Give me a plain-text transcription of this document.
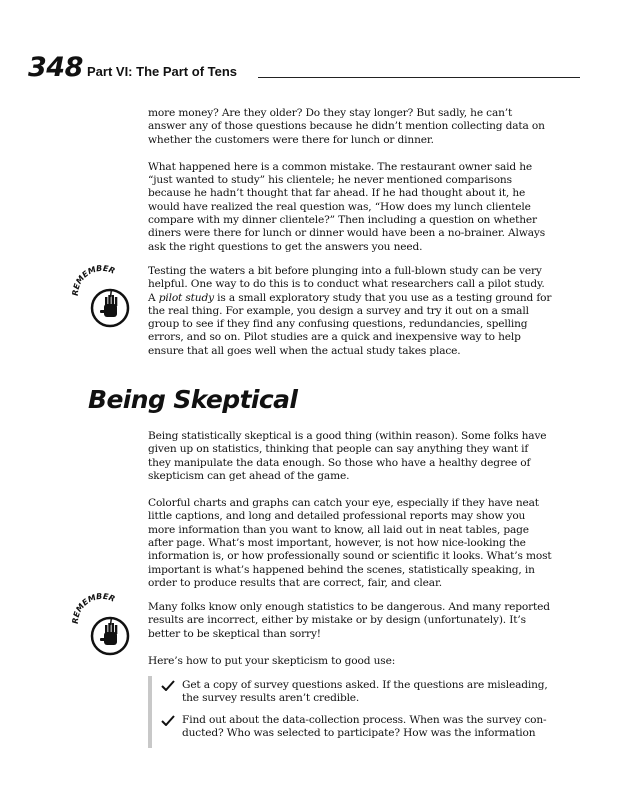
348 Part VI: The Part of Tens

more money? Are they older? Do they stay longer? But sadly, he can’t answer any of those questions because he didn’t mention collecting data on whether the customers were there for lunch or dinner.

What happened here is a common mistake. The restaurant owner said he “just wanted to study” his clientele; he never mentioned comparisons because he hadn’t thought that far ahead. If he had thought about it, he would have realized the real question was, “How does my lunch clientele compare with my dinner clientele?” Then including a question on whether diners were there for lunch or dinner would have been a no-brainer. Always ask the right questions to get the answers you need.

REMEMBER	Testing the waters a bit before plunging into a full-blown study can be very helpful. One way to do this is to conduct what researchers call a pilot study. A pilot study is a small exploratory study that you use as a testing ground for the real thing. For example, you design a survey and try it out on a small group to see if they find any confusing questions, redundancies, spelling errors, and so on. Pilot studies are a quick and inexpensive way to help ensure that all goes well when the actual study takes place.

Being Skeptical

Being statistically skeptical is a good thing (within reason). Some folks have given up on statistics, thinking that people can say anything they want if they manipulate the data enough. So those who have a healthy degree of skepticism can get ahead of the game.

Colorful charts and graphs can catch your eye, especially if they have neat little captions, and long and detailed professional reports may show you more information than you want to know, all laid out in neat tables, page after page. What’s most important, however, is not how nice-looking the information is, or how professionally sound or scientific it looks. What’s most important is what’s happened behind the scenes, statistically speaking, in order to produce results that are correct, fair, and clear.

REMEMBER

Many folks know only enough statistics to be dangerous. And many reported results are incorrect, either by mistake or by design (unfortunately). It’s better to be skeptical than sorry!

Here’s how to put your skepticism to good use:

Get a copy of survey questions asked. If the questions are misleading, the survey results aren’t credible.
Find out about the data-collection process. When was the survey con-ducted? Who was selected to participate? How was the information
